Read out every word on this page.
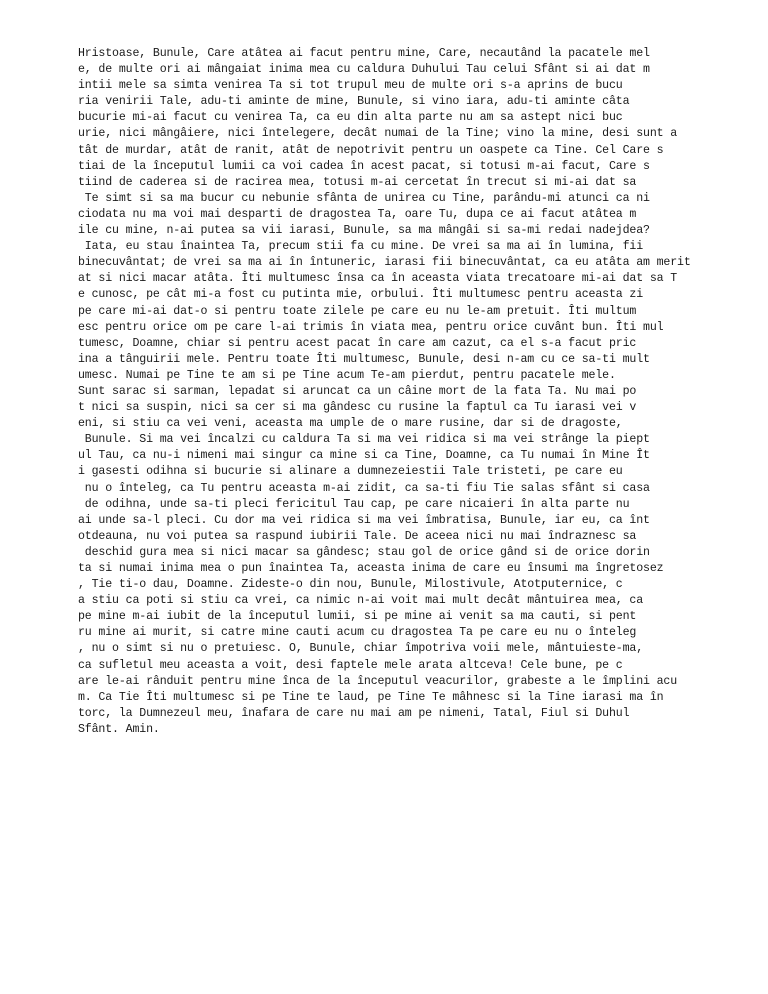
Hristoase, Bunule, Care atâtea ai facut pentru mine, Care, necautând la pacatele mel
e, de multe ori ai mângaiat inima mea cu caldura Duhului Tau celui Sfânt si ai dat m
intii mele sa simta venirea Ta si tot trupul meu de multe ori s-a aprins de bucu
ria venirii Tale, adu-ti aminte de mine, Bunule, si vino iara, adu-ti aminte câta
bucurie mi-ai facut cu venirea Ta, ca eu din alta parte nu am sa astept nici buc
urie, nici mângâiere, nici întelegere, decât numai de la Tine; vino la mine, desi sunt a
tât de murdar, atât de ranit, atât de nepotrivit pentru un oaspete ca Tine. Cel Care s
tiai de la începutul lumii ca voi cadea în acest pacat, si totusi m-ai facut, Care s
tiind de caderea si de racirea mea, totusi m-ai cercetat în trecut si mi-ai dat sa
Te simt si sa ma bucur cu nebunie sfânta de unirea cu Tine, parându-mi atunci ca ni
ciodata nu ma voi mai desparti de dragostea Ta, oare Tu, dupa ce ai facut atâtea m
ile cu mine, n-ai putea sa vii iarasi, Bunule, sa ma mângâi si sa-mi redai nadejdea?
Iata, eu stau înaintea Ta, precum stii fa cu mine. De vrei sa ma ai în lumina, fii
binecuvântat; de vrei sa ma ai în întuneric, iarasi fii binecuvântat, ca eu atâta am merit
at si nici macar atâta. Îti multumesc însa ca în aceasta viata trecatoare mi-ai dat sa T
e cunosc, pe cât mi-a fost cu putinta mie, orbului. Îti multumesc pentru aceasta zi
pe care mi-ai dat-o si pentru toate zilele pe care eu nu le-am pretuit. Îti multum
esc pentru orice om pe care l-ai trimis în viata mea, pentru orice cuvânt bun. Îti mul
tumesc, Doamne, chiar si pentru acest pacat în care am cazut, ca el s-a facut pric
ina a tânguirii mele. Pentru toate Îti multumesc, Bunule, desi n-am cu ce sa-ti mult
umesc. Numai pe Tine te am si pe Tine acum Te-am pierdut, pentru pacatele mele.
Sunt sarac si sarman, lepadat si aruncat ca un câine mort de la fata Ta. Nu mai po
t nici sa suspin, nici sa cer si ma gândesc cu rusine la faptul ca Tu iarasi vei v
eni, si stiu ca vei veni, aceasta ma umple de o mare rusine, dar si de dragoste,
Bunule. Si ma vei încalzi cu caldura Ta si ma vei ridica si ma vei strânge la piept
ul Tau, ca nu-i nimeni mai singur ca mine si ca Tine, Doamne, ca Tu numai în Mine Ît
i gasesti odihna si bucurie si alinare a dumnezeiestii Tale tristeti, pe care eu
nu o înteleg, ca Tu pentru aceasta m-ai zidit, ca sa-ti fiu Tie salas sfânt si casa
de odihna, unde sa-ti pleci fericitul Tau cap, pe care nicaieri în alta parte nu
ai unde sa-l pleci. Cu dor ma vei ridica si ma vei îmbratisa, Bunule, iar eu, ca înt
otdeauna, nu voi putea sa raspund iubirii Tale. De aceea nici nu mai îndraznesc sa
deschid gura mea si nici macar sa gândesc; stau gol de orice gând si de orice dorin
ta si numai inima mea o pun înaintea Ta, aceasta inima de care eu însumi ma îngretosez
, Tie ti-o dau, Doamne. Zideste-o din nou, Bunule, Milostivule, Atotputernice, c
a stiu ca poti si stiu ca vrei, ca nimic n-ai voit mai mult decât mântuirea mea, ca
pe mine m-ai iubit de la începutul lumii, si pe mine ai venit sa ma cauti, si pent
ru mine ai murit, si catre mine cauti acum cu dragostea Ta pe care eu nu o înteleg
, nu o simt si nu o pretuiesc. O, Bunule, chiar împotriva voii mele, mântuieste-ma,
ca sufletul meu aceasta a voit, desi faptele mele arata altceva! Cele bune, pe c
are le-ai rânduit pentru mine înca de la începutul veacurilor, grabeste a le împlini acu
m. Ca Tie Îti multumesc si pe Tine te laud, pe Tine Te mâhnesc si la Tine iarasi ma în
torc, la Dumnezeul meu, înafara de care nu mai am pe nimeni, Tatal, Fiul si Duhul
Sfânt. Amin.
